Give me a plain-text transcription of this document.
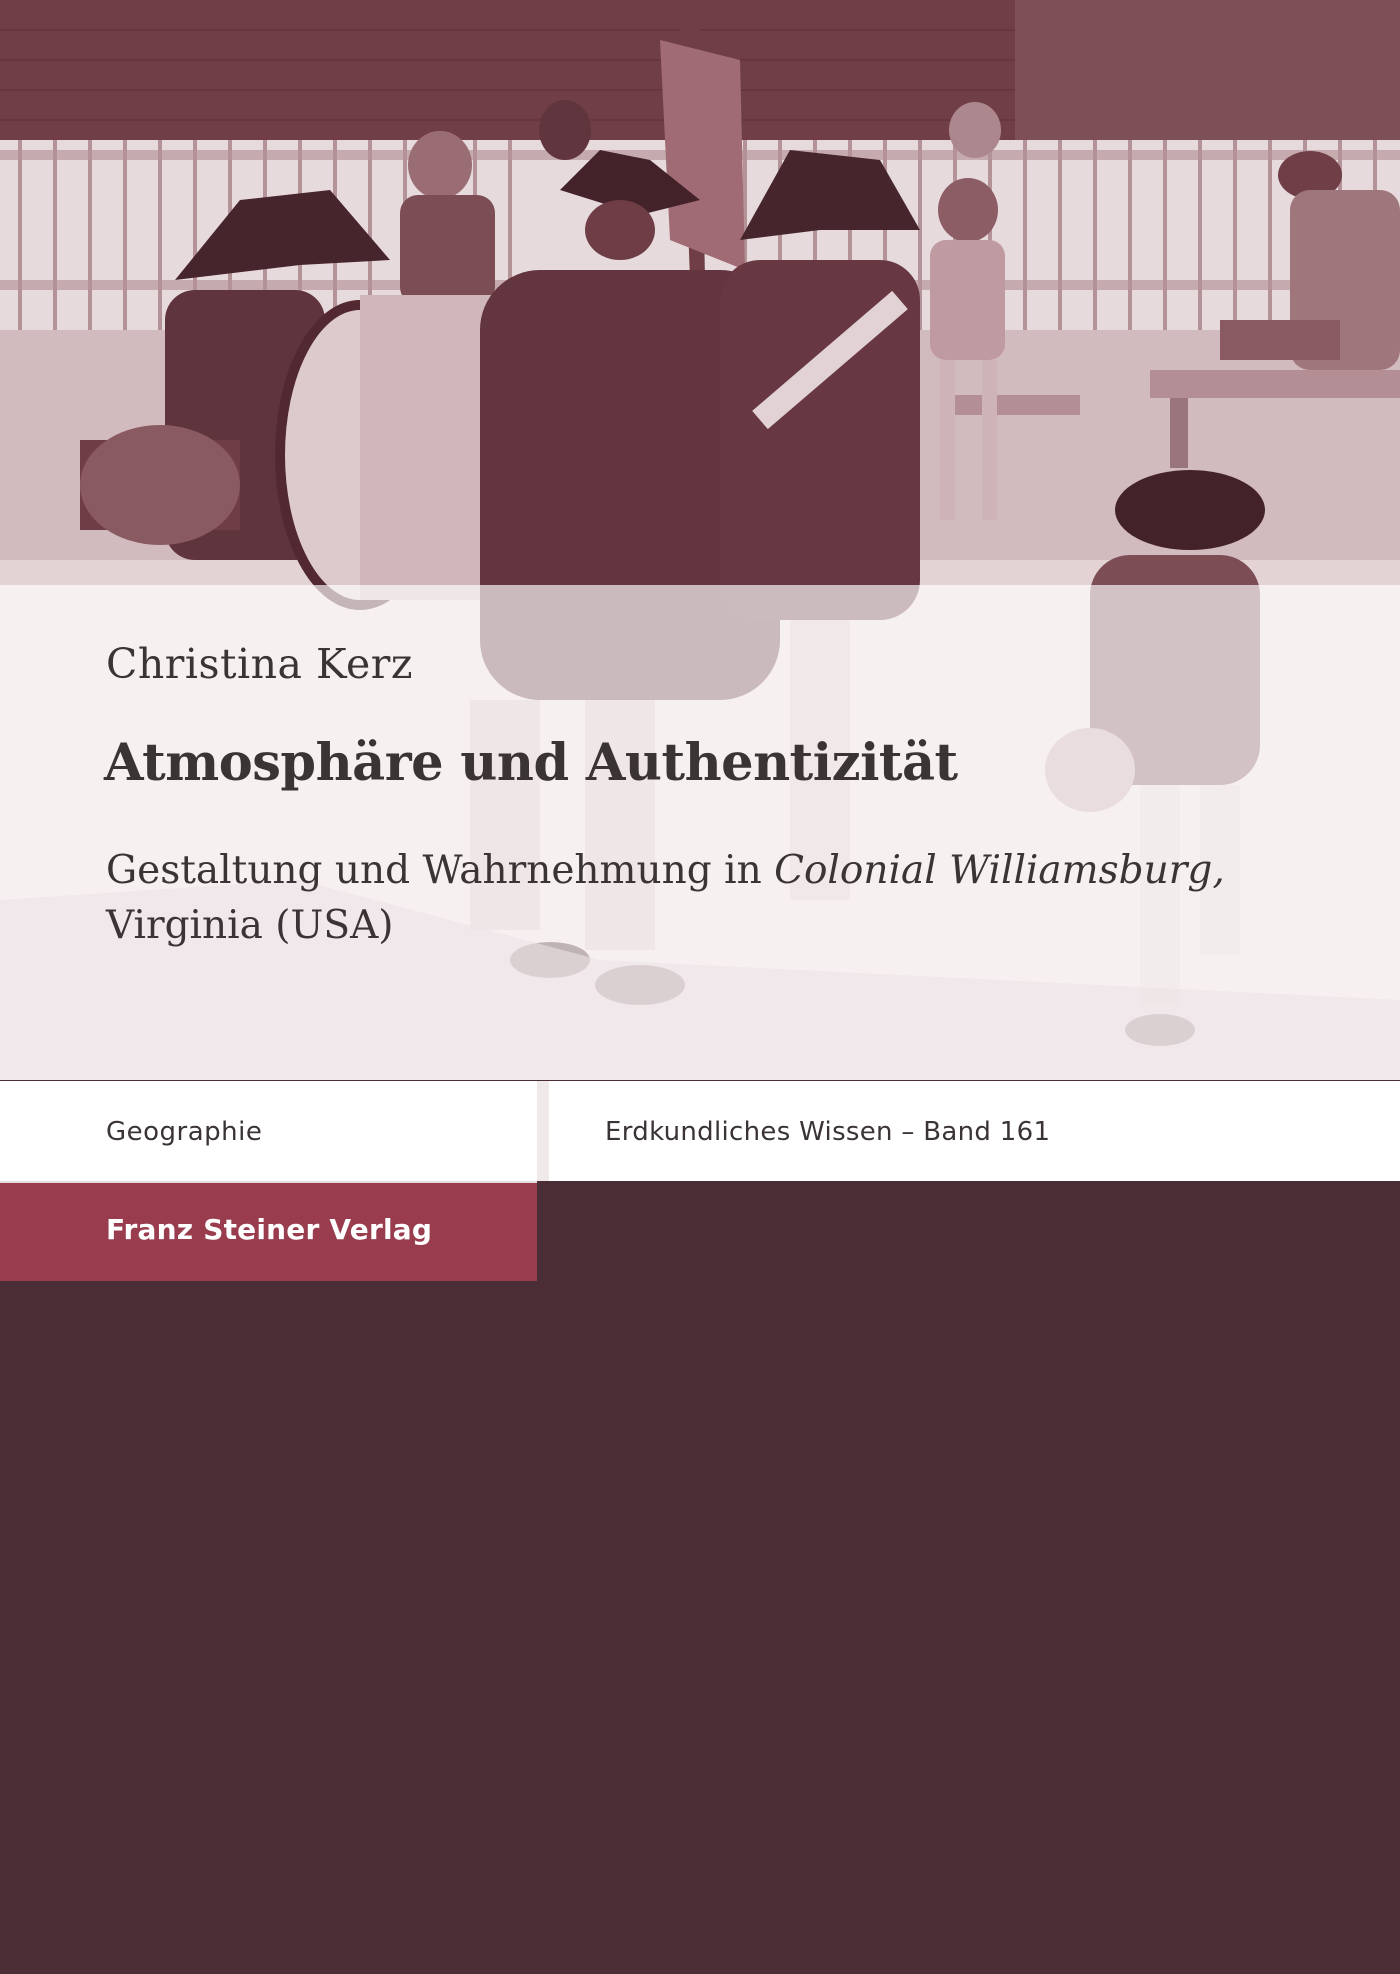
Christina Kerz
Atmosphäre und Authentizität
Gestaltung und Wahrnehmung in Colonial Williamsburg,
Virginia (USA)
Geographie	Erdkundliches Wissen – Band 161
Franz Steiner Verlag
